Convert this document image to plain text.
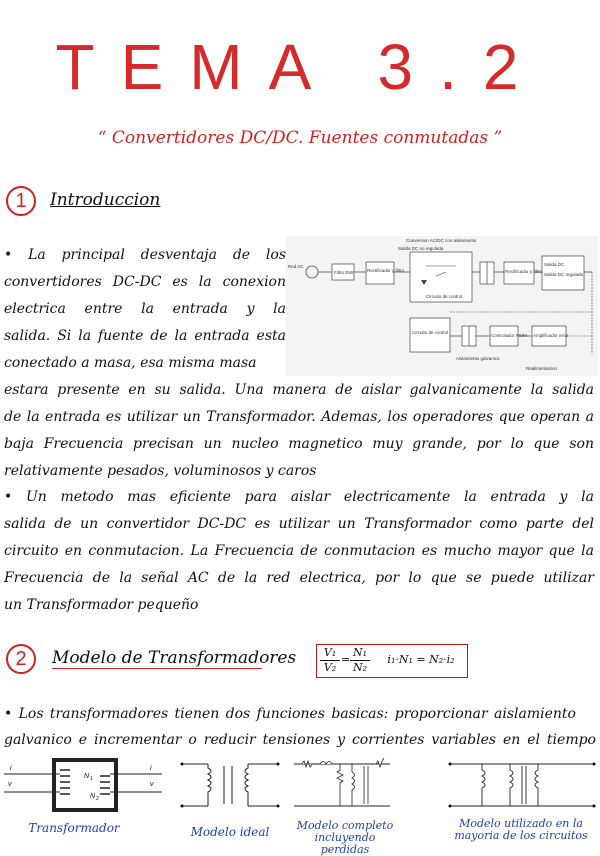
TEMA 3.2
“ Convertidores DC/DC. Fuentes conmutadas ”
1	Introduccion
• La principal desventaja de los
convertidores DC-DC es la conexion
electrica entre la entrada y la
salida. Si la fuente de la entrada esta
conectado a masa, esa misma masa
estara presente en su salida. Una manera de aislar galvanicamente la salida
de la entrada es utilizar un Transformador. Ademas, los operadores que operan a
baja Frecuencia precisan un nucleo magnetico muy grande, por lo que son
relativamente pesados, voluminosos y caros
• Un metodo mas eficiente para aislar electricamente la entrada y la
salida de un convertidor DC-DC es utilizar un Transformador como parte del
circuito en conmutacion. La Frecuencia de conmutacion es mucho mayor que la
Frecuencia de la señal AC de la red electrica, por lo que se puede utilizar
un Transformador pequeño
Conversion AC/DC con aislamiento
Red AC
Filtro EMI	Rectificador y filtro
Salida DC no regulada
Circuito de control
Rectificador y filtro
Salida DC
Salida DC regulada
Circuito de control
Controlador PWM Amplificador error
Aislamiento galvanico
Realimentacion
2	Modelo de Transformadores	V₁
V₂
=
N₁
N₂
i₁·N₁ = N₂·i₂
• Los transformadores tienen dos funciones basicas: proporcionar aislamiento
galvanico e incrementar o reducir tensiones y corrientes variables en el tiempo
N 1
N 2
i
v
i
v
Transformador	Modelo ideal	Modelo completo incluyendo perdidas
Modelo utilizado en la mayoria de los circuitos
